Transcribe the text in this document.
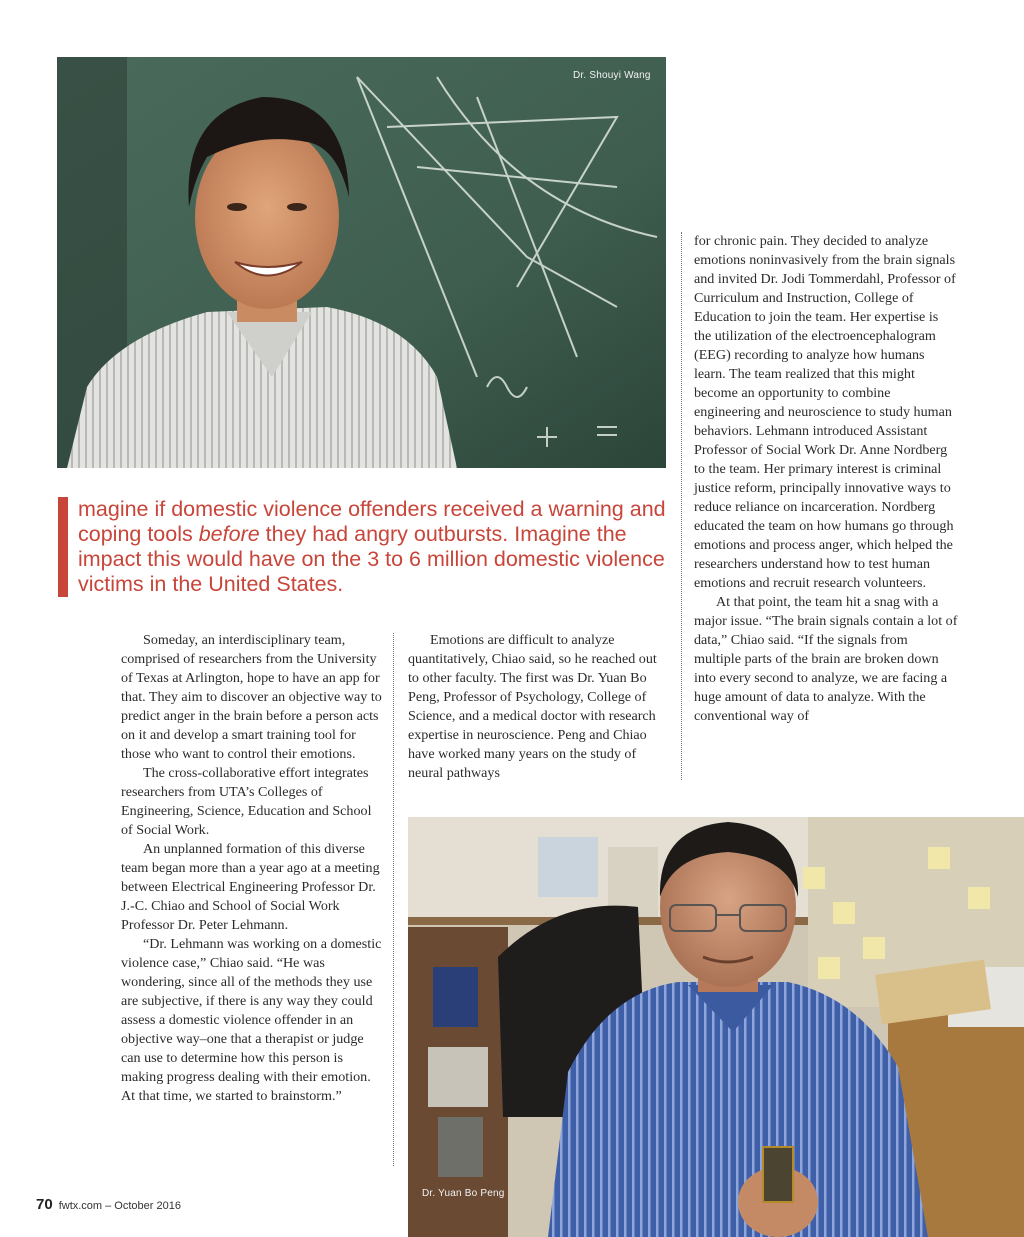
Dr. Shouyi Wang

magine if domestic violence offenders received a warning and coping tools before they had angry outbursts. Imagine the impact this would have on the 3 to 6 million domestic violence victims in the United States.

Someday, an interdisciplinary team, comprised of researchers from the University of Texas at Arlington, hope to have an app for that. They aim to discover an objective way to predict anger in the brain before a person acts on it and develop a smart training tool for those who want to control their emotions.

The cross-collaborative effort integrates researchers from UTA’s Colleges of Engineering, Science, Education and School of Social Work.

An unplanned formation of this diverse team began more than a year ago at a meeting between Electrical Engineering Professor Dr. J.-C. Chiao and School of Social Work Professor Dr. Peter Lehmann.

“Dr. Lehmann was working on a domestic violence case,” Chiao said. “He was wondering, since all of the methods they use are subjective, if there is any way they could assess a domestic violence offender in an objective way–one that a therapist or judge can use to determine how this person is making progress dealing with their emotion. At that time, we started to brainstorm.”

Emotions are difficult to analyze quantitatively, Chiao said, so he reached out to other faculty. The first was Dr. Yuan Bo Peng, Professor of Psychology, College of Science, and a medical doctor with research expertise in neuroscience. Peng and Chiao have worked many years on the study of neural pathways

for chronic pain. They decided to analyze emotions noninvasively from the brain signals and invited Dr. Jodi Tommerdahl, Professor of Curriculum and Instruction, College of Education to join the team. Her expertise is the utilization of the electroencephalogram (EEG) recording to analyze how humans learn. The team realized that this might become an opportunity to combine engineering and neuroscience to study human behaviors. Lehmann introduced Assistant Professor of Social Work Dr. Anne Nordberg to the team. Her primary interest is criminal justice reform, principally innovative ways to reduce reliance on incarceration. Nordberg educated the team on how humans go through emotions and process anger, which helped the researchers understand how to test human emotions and recruit research volunteers.

At that point, the team hit a snag with a major issue. “The brain signals contain a lot of data,” Chiao said. “If the signals from multiple parts of the brain are broken down into every second to analyze, we are facing a huge amount of data to analyze. With the conventional way of

Dr. Yuan Bo Peng
70 fwtx.com – October 2016
